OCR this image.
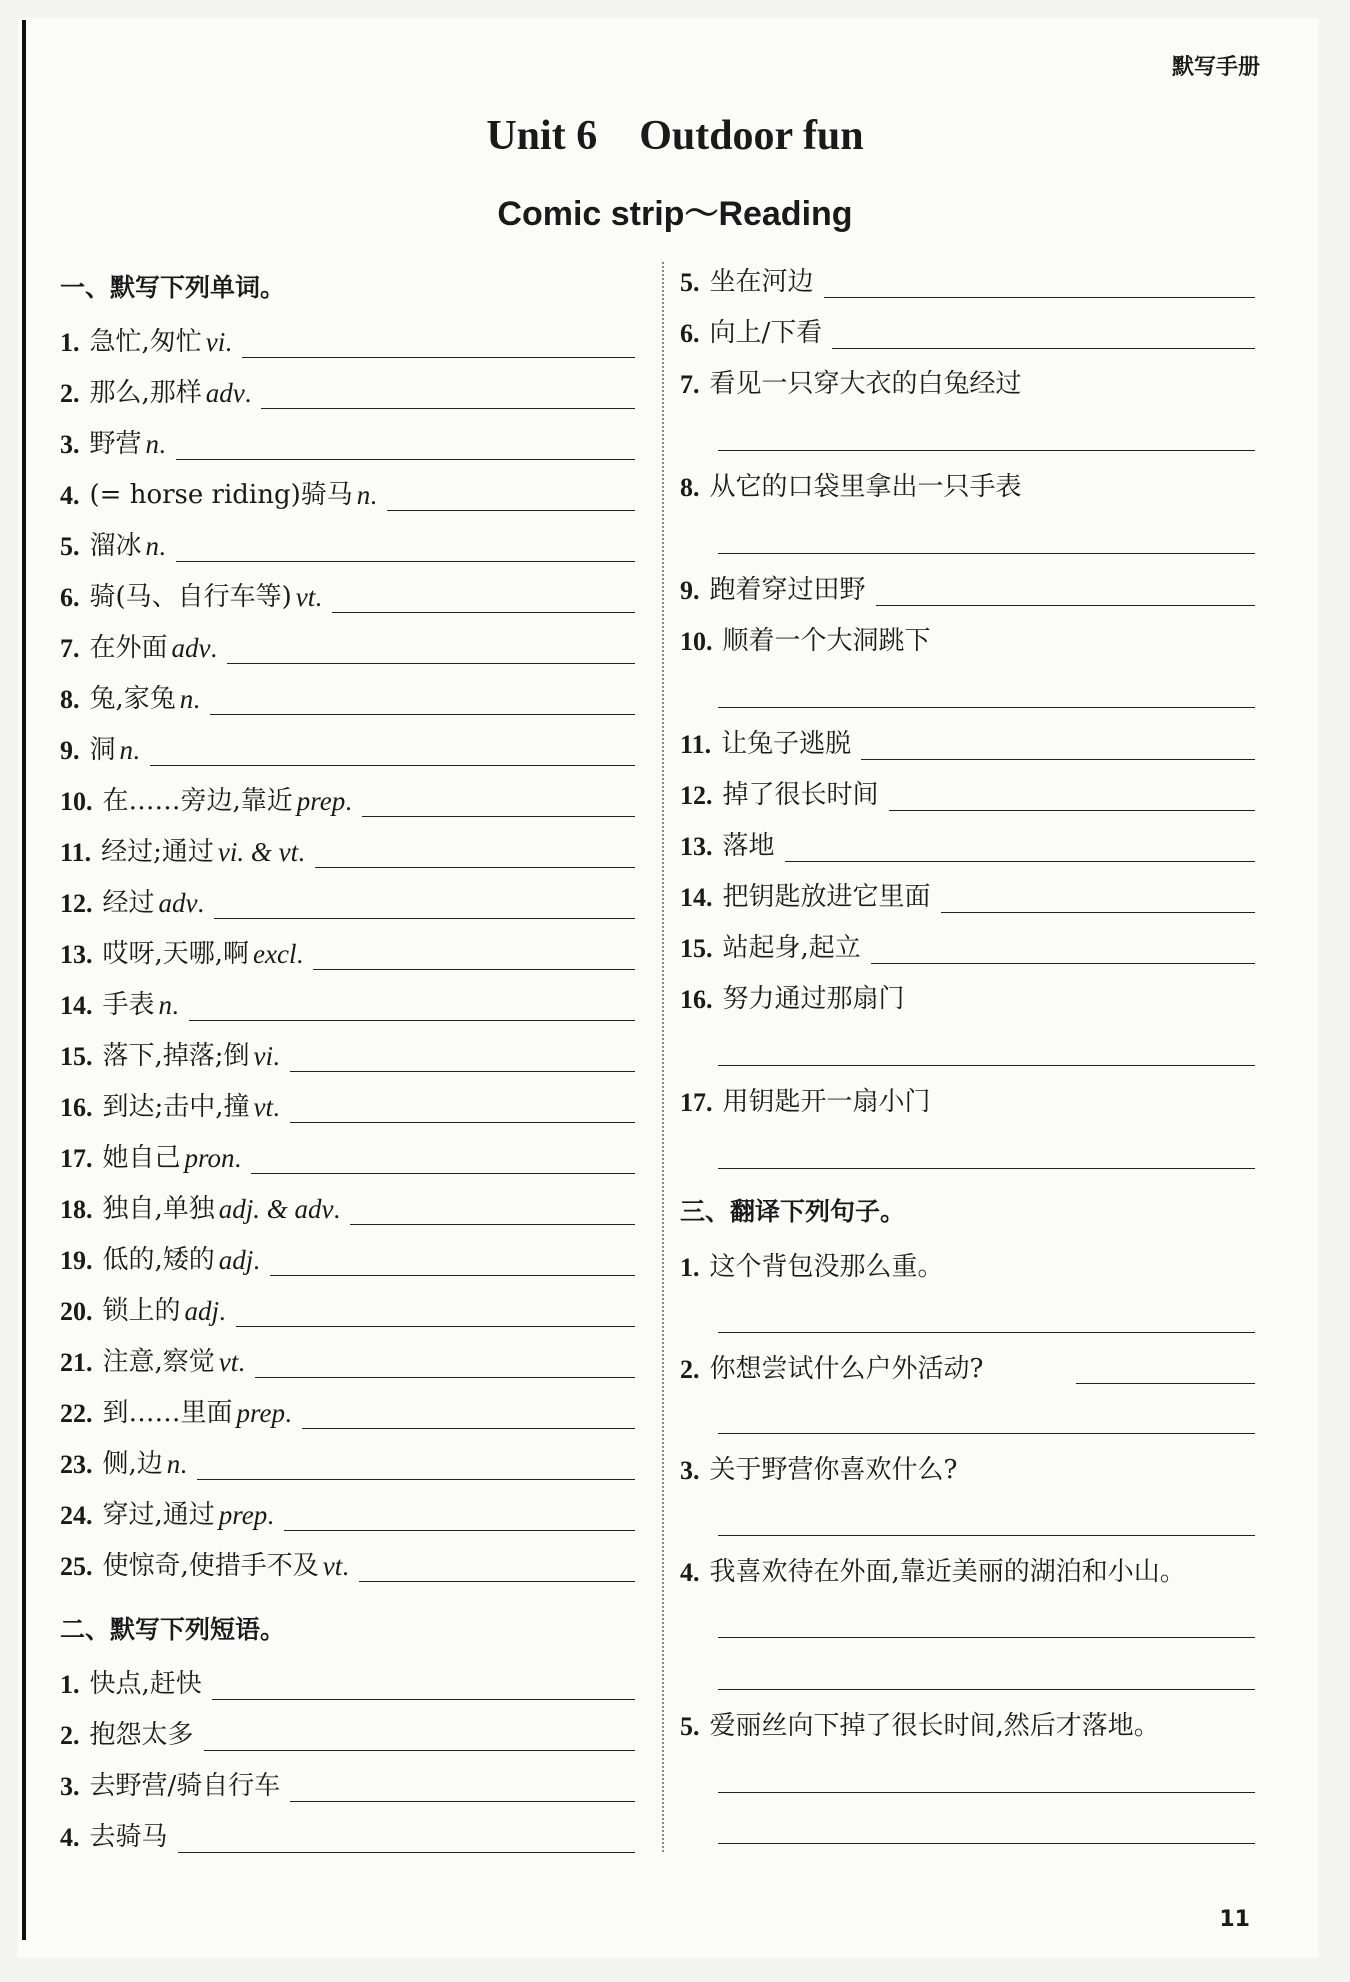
默写手册
Unit 6    Outdoor fun
Comic strip～Reading
一、默写下列单词。
1. 急忙,匆忙 vi .
2. 那么,那样 adv .
3. 野营 n .
4. (= horse riding)骑马 n .
5. 溜冰 n .
6. 骑(马、自行车等) vt .
7. 在外面 adv .
8. 兔,家兔 n .
9. 洞 n .
10. 在……旁边,靠近 prep .
11. 经过;通过 vi. & vt .
12. 经过 adv .
13. 哎呀,天哪,啊 excl .
14. 手表 n .
15. 落下,掉落;倒 vi .
16. 到达;击中,撞 vt .
17. 她自己 pron .
18. 独自,单独 adj. & adv .
19. 低的,矮的 adj .
20. 锁上的 adj .
21. 注意,察觉 vt .
22. 到……里面 prep .
23. 侧,边 n .
24. 穿过,通过 prep .
25. 使惊奇,使措手不及 vt .
二、默写下列短语。
1. 快点,赶快
2. 抱怨太多
3. 去野营/骑自行车
4. 去骑马
5. 坐在河边
6. 向上/下看
7. 看见一只穿大衣的白兔经过
8. 从它的口袋里拿出一只手表
9. 跑着穿过田野
10. 顺着一个大洞跳下
11. 让兔子逃脱
12. 掉了很长时间
13. 落地
14. 把钥匙放进它里面
15. 站起身,起立
16. 努力通过那扇门
17. 用钥匙开一扇小门
三、翻译下列句子。
1. 这个背包没那么重。
2. 你想尝试什么户外活动?
3. 关于野营你喜欢什么?
4. 我喜欢待在外面,靠近美丽的湖泊和小山。
5. 爱丽丝向下掉了很长时间,然后才落地。
11
